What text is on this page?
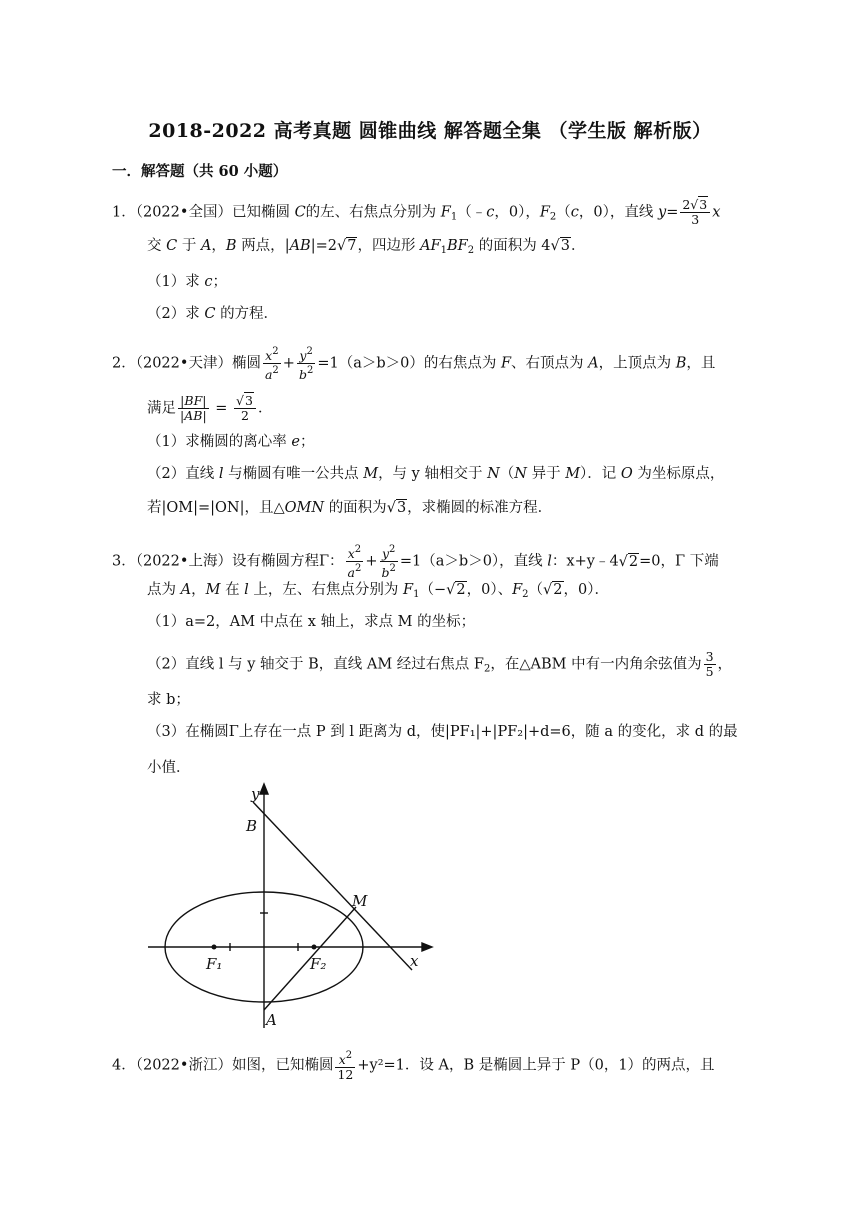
2018-2022 高考真题 圆锥曲线 解答题全集 （学生版 解析版）
一．解答题（共 60 小题）
1．（2022•全国）已知椭圆 C的左、右焦点分别为 $F_1(﹣c$，0），$F_2(c$，0），直线 $y= \frac{2√3}{3}$ x
交 C 于 A，B 两点，|AB|=2√7，四边形 $AF_1BF_2$ 的面积为 4√3．
（1）求 c；
（2）求 C 的方程．
2．（2022•天津）椭圆 $\frac{x^2}{a^2} + \frac{y^2}{b^2} =1(a>b>0)$的右焦点为 F、右顶点为 A，上顶点为 B，且
满足 $\frac{|BF|}{|AB|} = \frac{√3}{2}$ ．
（1）求椭圆的离心率 e；
（2）直线 l 与椭圆有唯一公共点 M，与 y 轴相交于 N（N 异于 M）．记 O 为坐标原点，
若|OM|=|ON|，且△OMN 的面积为√3，求椭圆的标准方程．
3．（2022•上海）设有椭圆方程Γ： $\frac{x^2}{a^2} + \frac{y^2}{b^2} =1(a>b>0)$，直线 l：x+y﹣4√2=0，Γ 下端
点为 A，M 在 l 上，左、右焦点分别为 $F_1(-√2$，0）、$F_2(√2$，0）．
（1）a=2，AM 中点在 x 轴上，求点 M 的坐标；
（2）直线 l 与 y 轴交于 B，直线 AM 经过右焦点 $F_2$，在△ABM 中有一内角余弦值为 $\frac{3}{5}$ ，
求 b；
（3）在椭圆Γ上存在一点 P 到 l 距离为 d，使|PF₁|+|PF₂|+d=6，随 a 的变化，求 d 的最
小值．
y
x
B
M
A
F₁	F₂
4．（2022•浙江）如图，已知椭圆 $\frac{x^2}{12} +y^2=1$．设 A，B 是椭圆上异于 P（0，1）的两点，且
